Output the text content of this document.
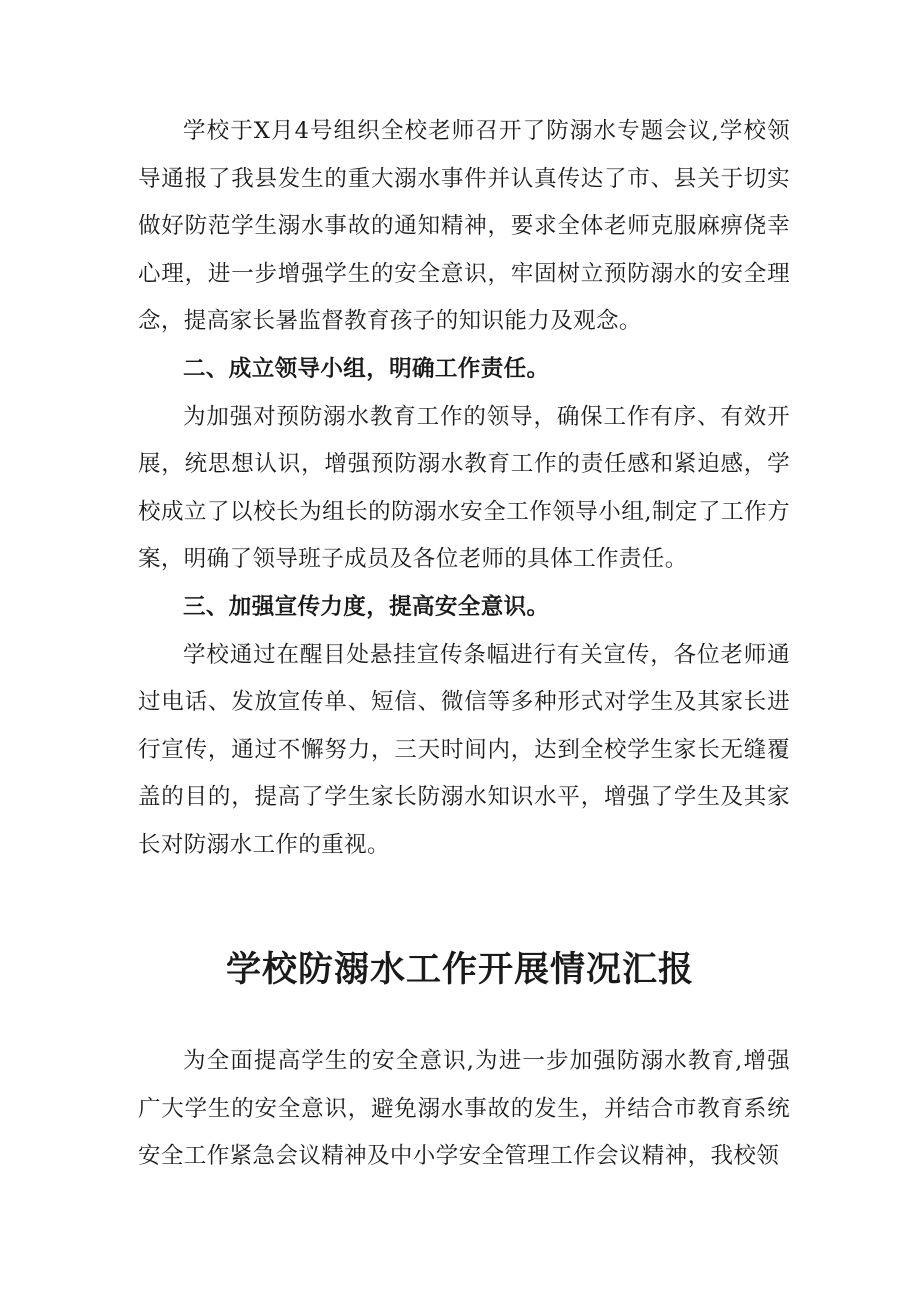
学校于X月4号组织全校老师召开了防溺水专题会议,学校领导通报了我县发生的重大溺水事件并认真传达了市、县关于切实做好防范学生溺水事故的通知精神，要求全体老师克服麻痹侥幸心理，进一步增强学生的安全意识，牢固树立预防溺水的安全理念，提高家长暑监督教育孩子的知识能力及观念。

二、成立领导小组，明确工作责任。

为加强对预防溺水教育工作的领导，确保工作有序、有效开展，统思想认识，增强预防溺水教育工作的责任感和紧迫感，学校成立了以校长为组长的防溺水安全工作领导小组,制定了工作方案，明确了领导班子成员及各位老师的具体工作责任。

三、加强宣传力度，提高安全意识。

学校通过在醒目处悬挂宣传条幅进行有关宣传，各位老师通过电话、发放宣传单、短信、微信等多种形式对学生及其家长进行宣传，通过不懈努力，三天时间内，达到全校学生家长无缝覆盖的目的，提高了学生家长防溺水知识水平，增强了学生及其家长对防溺水工作的重视。

学校防溺水工作开展情况汇报

为全面提高学生的安全意识,为进一步加强防溺水教育,增强广大学生的安全意识，避免溺水事故的发生，并结合市教育系统安全工作紧急会议精神及中小学安全管理工作会议精神，我校领
